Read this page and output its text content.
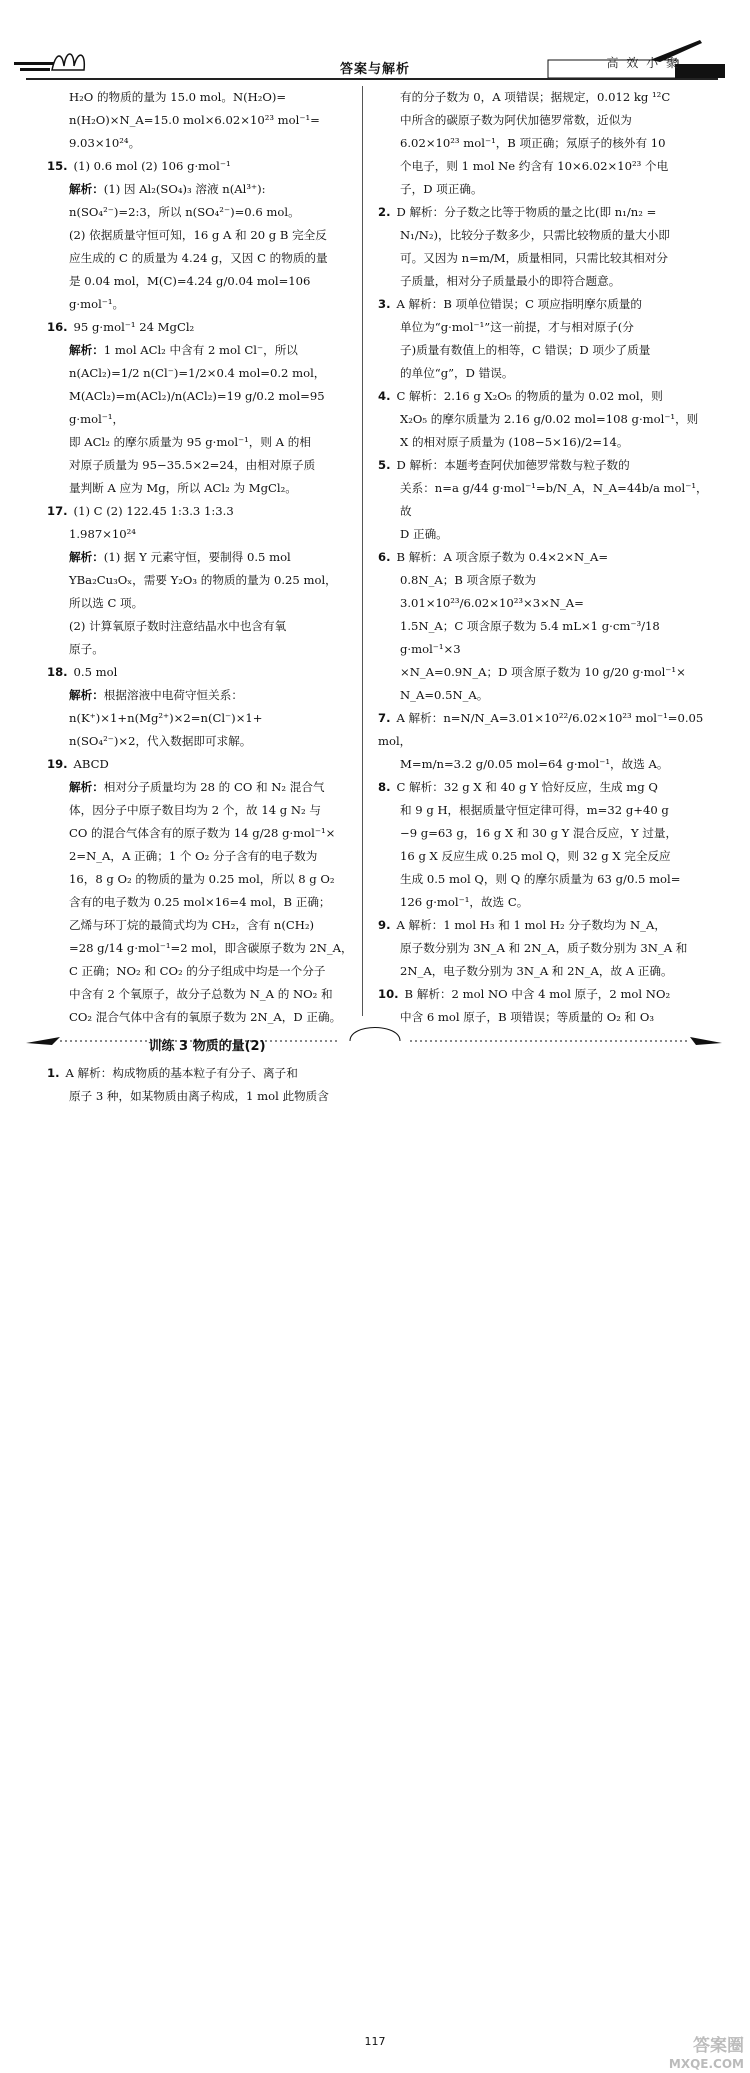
答案与解析	高 效 小 聚
H₂O 的物质的量为 15.0 mol。N(H₂O)=
n(H₂O)×N_A=15.0 mol×6.02×10²³ mol⁻¹=
9.03×10²⁴。
15. (1) 0.6 mol (2) 106 g·mol⁻¹
解析：(1) 因 Al₂(SO₄)₃ 溶液 n(Al³⁺):
n(SO₄²⁻)=2:3，所以 n(SO₄²⁻)=0.6 mol。
(2) 依据质量守恒可知，16 g A 和 20 g B 完全反
应生成的 C 的质量为 4.24 g，又因 C 的物质的量
是 0.04 mol，M(C)=4.24 g/0.04 mol=106 g·mol⁻¹。
16. 95 g·mol⁻¹ 24 MgCl₂
解析：1 mol ACl₂ 中含有 2 mol Cl⁻，所以
n(ACl₂)=1/2 n(Cl⁻)=1/2×0.4 mol=0.2 mol，
M(ACl₂)=m(ACl₂)/n(ACl₂)=19 g/0.2 mol=95 g·mol⁻¹，
即 ACl₂ 的摩尔质量为 95 g·mol⁻¹，则 A 的相
对原子质量为 95−35.5×2=24，由相对原子质
量判断 A 应为 Mg，所以 ACl₂ 为 MgCl₂。
17. (1) C (2) 122.45 1:3.3 1:3.3
1.987×10²⁴
解析：(1) 据 Y 元素守恒，要制得 0.5 mol
YBa₂Cu₃Oₓ，需要 Y₂O₃ 的物质的量为 0.25 mol，
所以选 C 项。
(2) 计算氧原子数时注意结晶水中也含有氧
原子。
18. 0.5 mol
解析：根据溶液中电荷守恒关系：
n(K⁺)×1+n(Mg²⁺)×2=n(Cl⁻)×1+
n(SO₄²⁻)×2，代入数据即可求解。
19. ABCD
解析：相对分子质量均为 28 的 CO 和 N₂ 混合气
体，因分子中原子数目均为 2 个，故 14 g N₂ 与
CO 的混合气体含有的原子数为 14 g/28 g·mol⁻¹×
2=N_A，A 正确；1 个 O₂ 分子含有的电子数为
16，8 g O₂ 的物质的量为 0.25 mol，所以 8 g O₂
含有的电子数为 0.25 mol×16=4 mol，B 正确；
乙烯与环丁烷的最简式均为 CH₂，含有 n(CH₂)
=28 g/14 g·mol⁻¹=2 mol，即含碳原子数为 2N_A，
C 正确；NO₂ 和 CO₂ 的分子组成中均是一个分子
中含有 2 个氧原子，故分子总数为 N_A 的 NO₂ 和
CO₂ 混合气体中含有的氧原子数为 2N_A，D 正确。
训练 3 物质的量(2)
1. A 解析：构成物质的基本粒子有分子、离子和
原子 3 种，如某物质由离子构成，1 mol 此物质含
有的分子数为 0，A 项错误；据规定，0.012 kg ¹²C
中所含的碳原子数为阿伏加德罗常数，近似为
6.02×10²³ mol⁻¹，B 项正确；氖原子的核外有 10
个电子，则 1 mol Ne 约含有 10×6.02×10²³ 个电
子，D 项正确。
2. D 解析：分子数之比等于物质的量之比(即 n₁/n₂ =
N₁/N₂)，比较分子数多少，只需比较物质的量大小即
可。又因为 n=m/M，质量相同，只需比较其相对分
子质量，相对分子质量最小的即符合题意。
3. A 解析：B 项单位错误；C 项应指明摩尔质量的
单位为“g·mol⁻¹”这一前提，才与相对原子(分
子)质量有数值上的相等，C 错误；D 项少了质量
的单位“g”，D 错误。
4. C 解析：2.16 g X₂O₅ 的物质的量为 0.02 mol，则
X₂O₅ 的摩尔质量为 2.16 g/0.02 mol=108 g·mol⁻¹，则
X 的相对原子质量为 (108−5×16)/2=14。
5. D 解析：本题考查阿伏加德罗常数与粒子数的
关系：n=a g/44 g·mol⁻¹=b/N_A，N_A=44b/a mol⁻¹，故
D 正确。
6. B 解析：A 项含原子数为 0.4×2×N_A=
0.8N_A；B 项含原子数为 3.01×10²³/6.02×10²³×3×N_A=
1.5N_A；C 项含原子数为 5.4 mL×1 g·cm⁻³/18 g·mol⁻¹×3
×N_A=0.9N_A；D 项含原子数为 10 g/20 g·mol⁻¹×
N_A=0.5N_A。
7. A 解析：n=N/N_A=3.01×10²²/6.02×10²³ mol⁻¹=0.05 mol，
M=m/n=3.2 g/0.05 mol=64 g·mol⁻¹，故选 A。
8. C 解析：32 g X 和 40 g Y 恰好反应，生成 mg Q
和 9 g H，根据质量守恒定律可得，m=32 g+40 g
−9 g=63 g，16 g X 和 30 g Y 混合反应，Y 过量，
16 g X 反应生成 0.25 mol Q，则 32 g X 完全反应
生成 0.5 mol Q，则 Q 的摩尔质量为 63 g/0.5 mol=
126 g·mol⁻¹，故选 C。
9. A 解析：1 mol H₃ 和 1 mol H₂ 分子数均为 N_A，
原子数分别为 3N_A 和 2N_A，质子数分别为 3N_A 和
2N_A，电子数分别为 3N_A 和 2N_A，故 A 正确。
10. B 解析：2 mol NO 中含 4 mol 原子，2 mol NO₂
中含 6 mol 原子，B 项错误；等质量的 O₂ 和 O₃
117	答案圈
MXQE.COM
